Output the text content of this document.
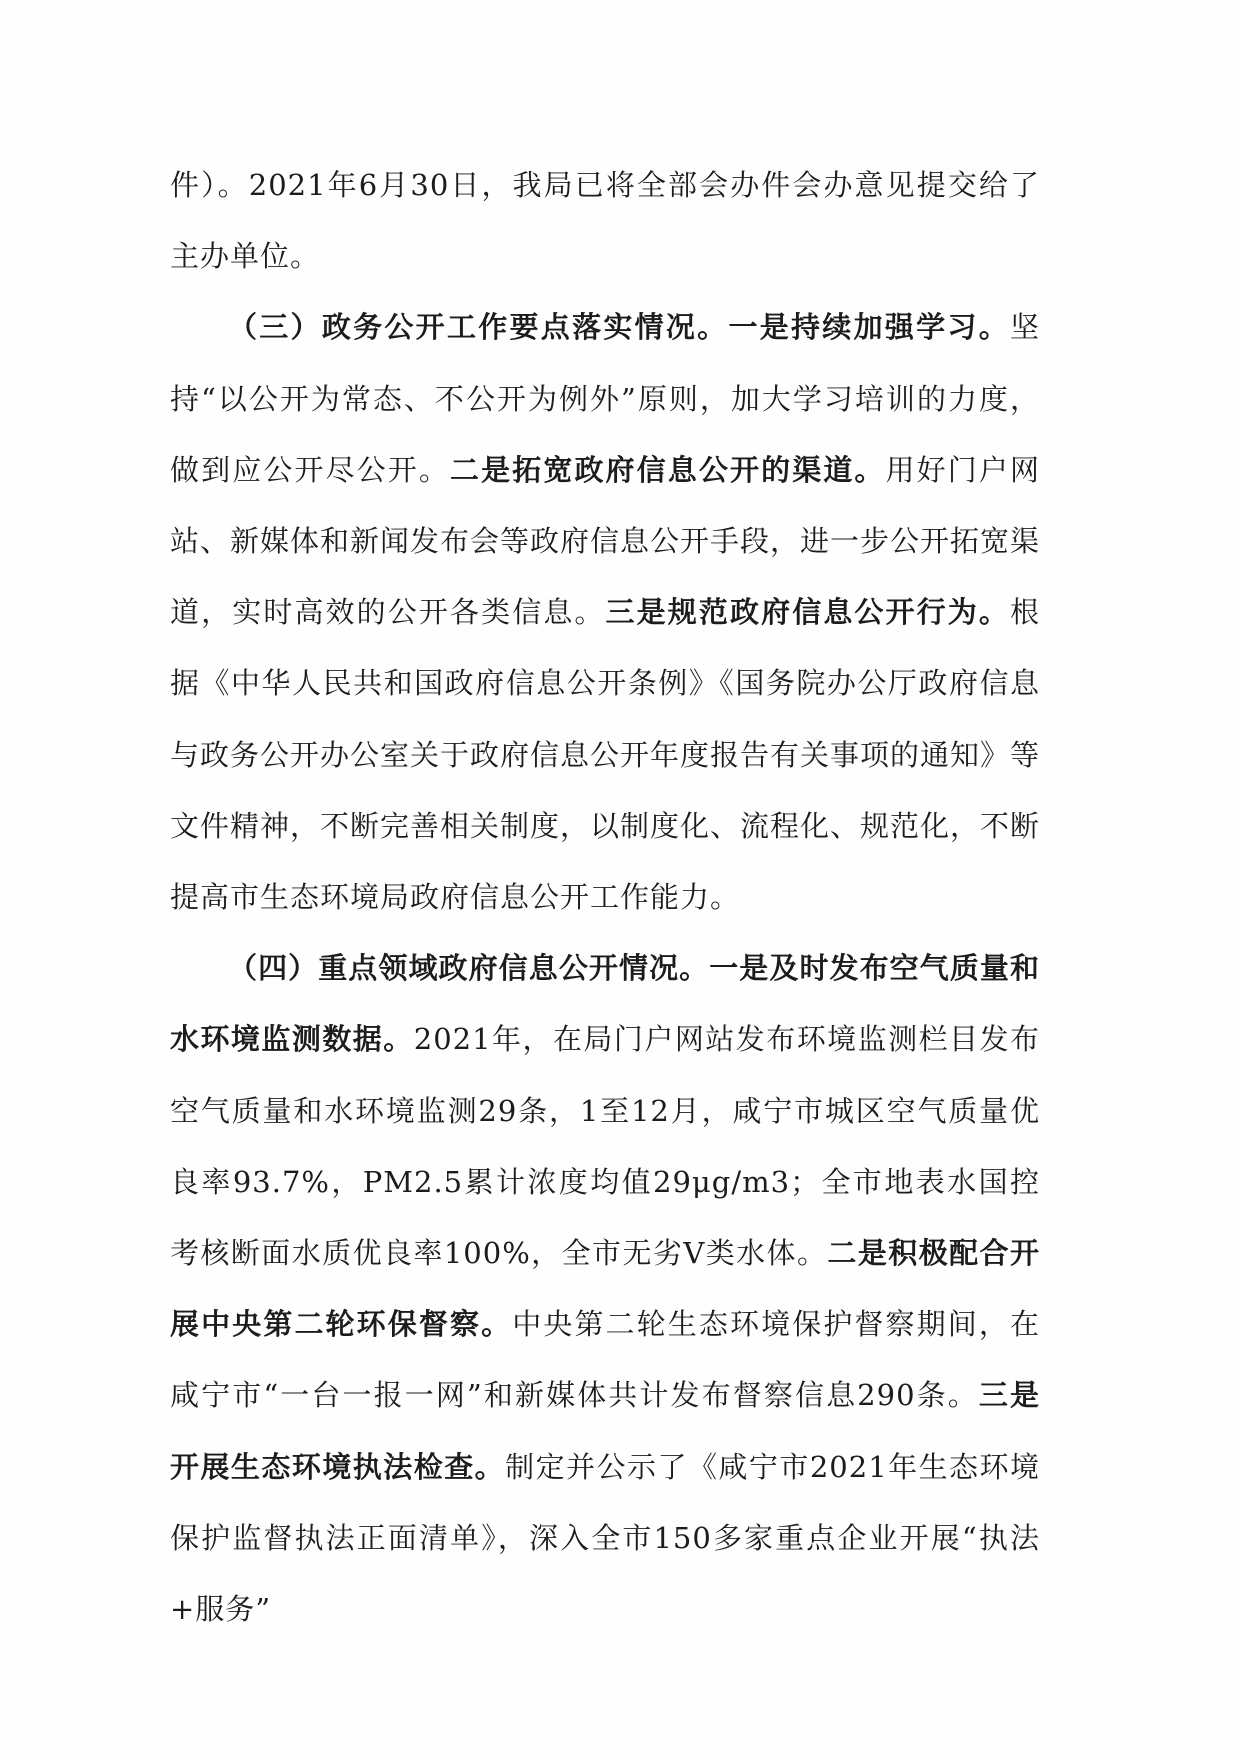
件）。2021年6月30日，我局已将全部会办件会办意见提交给了主办单位。

（三）政务公开工作要点落实情况。一是持续加强学习。坚持“以公开为常态、不公开为例外”原则，加大学习培训的力度，做到应公开尽公开。二是拓宽政府信息公开的渠道。用好门户网站、新媒体和新闻发布会等政府信息公开手段，进一步公开拓宽渠道，实时高效的公开各类信息。三是规范政府信息公开行为。根据《中华人民共和国政府信息公开条例》《国务院办公厅政府信息与政务公开办公室关于政府信息公开年度报告有关事项的通知》等文件精神，不断完善相关制度，以制度化、流程化、规范化，不断提高市生态环境局政府信息公开工作能力。

（四）重点领域政府信息公开情况。一是及时发布空气质量和水环境监测数据。2021年，在局门户网站发布环境监测栏目发布空气质量和水环境监测29条，1至12月，咸宁市城区空气质量优良率93.7%，PM2.5累计浓度均值29μg/m3；全市地表水国控考核断面水质优良率100%，全市无劣Ⅴ类水体。二是积极配合开展中央第二轮环保督察。中央第二轮生态环境保护督察期间，在咸宁市“一台一报一网”和新媒体共计发布督察信息290条。三是开展生态环境执法检查。制定并公示了《咸宁市2021年生态环境保护监督执法正面清单》，深入全市150多家重点企业开展“执法+服务”
